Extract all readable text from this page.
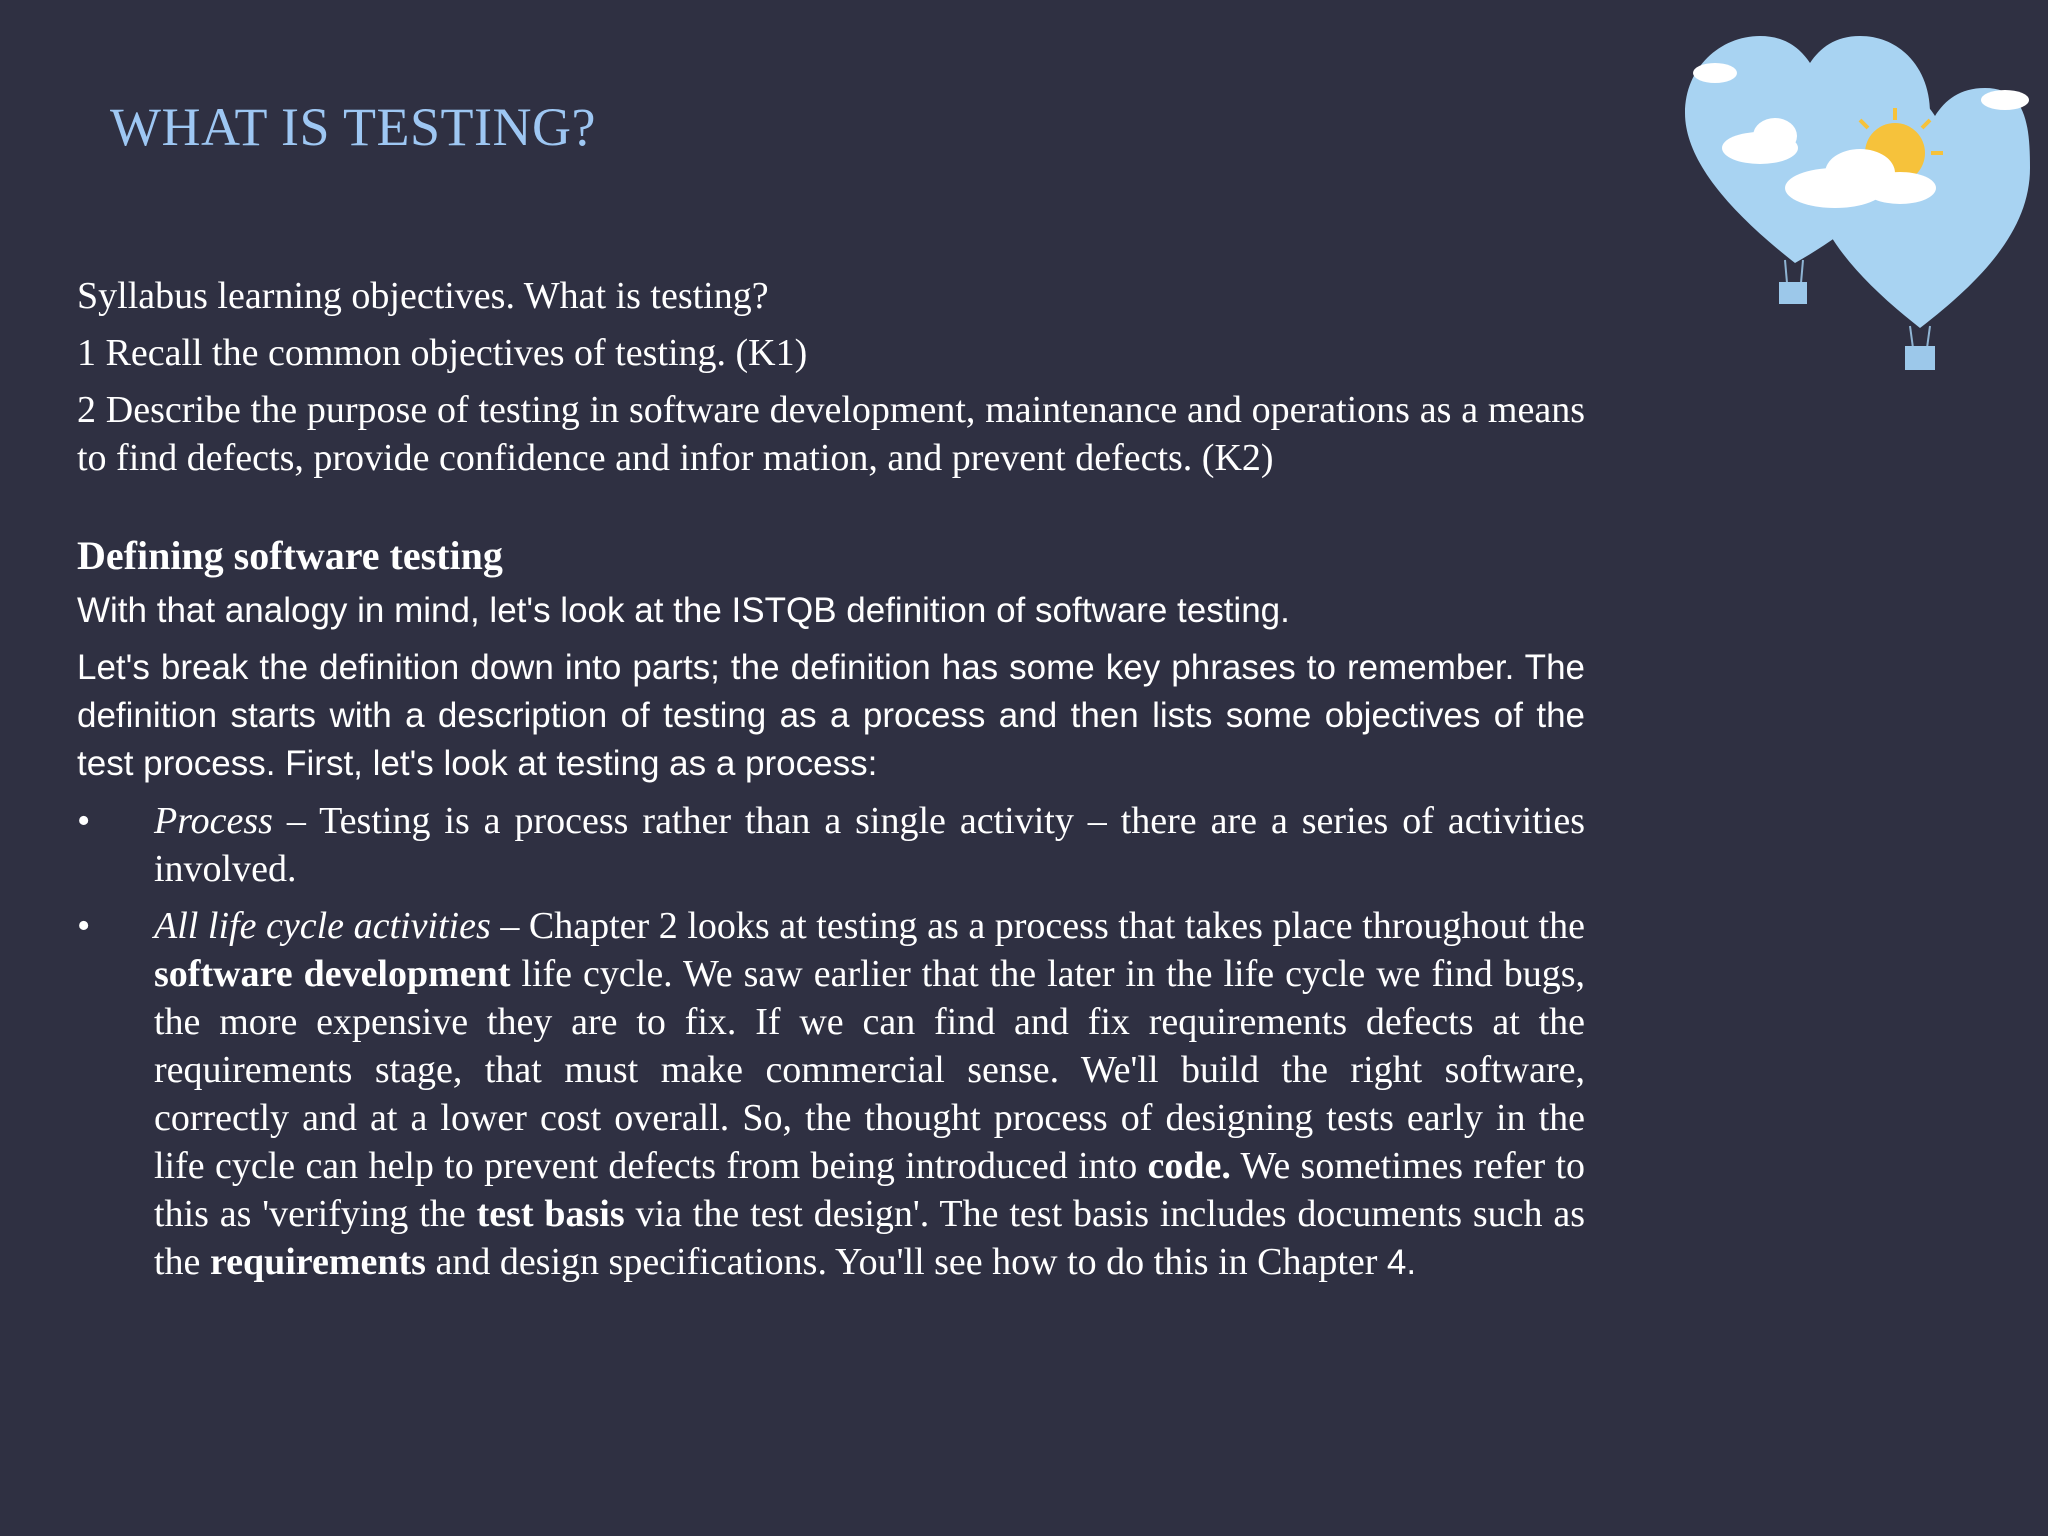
WHAT IS TESTING?

Syllabus learning objectives. What is testing?

1 Recall the common objectives of testing. (K1)

2 Describe the purpose of testing in software development, maintenance and operations as a means to find defects, provide confidence and infor mation, and prevent defects. (K2)

Defining software testing

With that analogy in mind, let's look at the ISTQB definition of software testing.

Let's break the definition down into parts; the definition has some key phrases to remember. The definition starts with a description of testing as a process and then lists some objectives of the test process. First, let's look at testing as a process:

•	Process – Testing is a process rather than a single activity – there are a series of activities involved.
•	All life cycle activities – Chapter 2 looks at testing as a process that takes place throughout the software development life cycle. We saw earlier that the later in the life cycle we find bugs, the more expensive they are to fix. If we can find and fix requirements defects at the requirements stage, that must make commercial sense. We'll build the right software, correctly and at a lower cost overall. So, the thought process of designing tests early in the life cycle can help to prevent defects from being introduced into code. We sometimes refer to this as 'verifying the test basis via the test design'. The test basis includes documents such as the requirements and design specifications. You'll see how to do this in Chapter 4.
